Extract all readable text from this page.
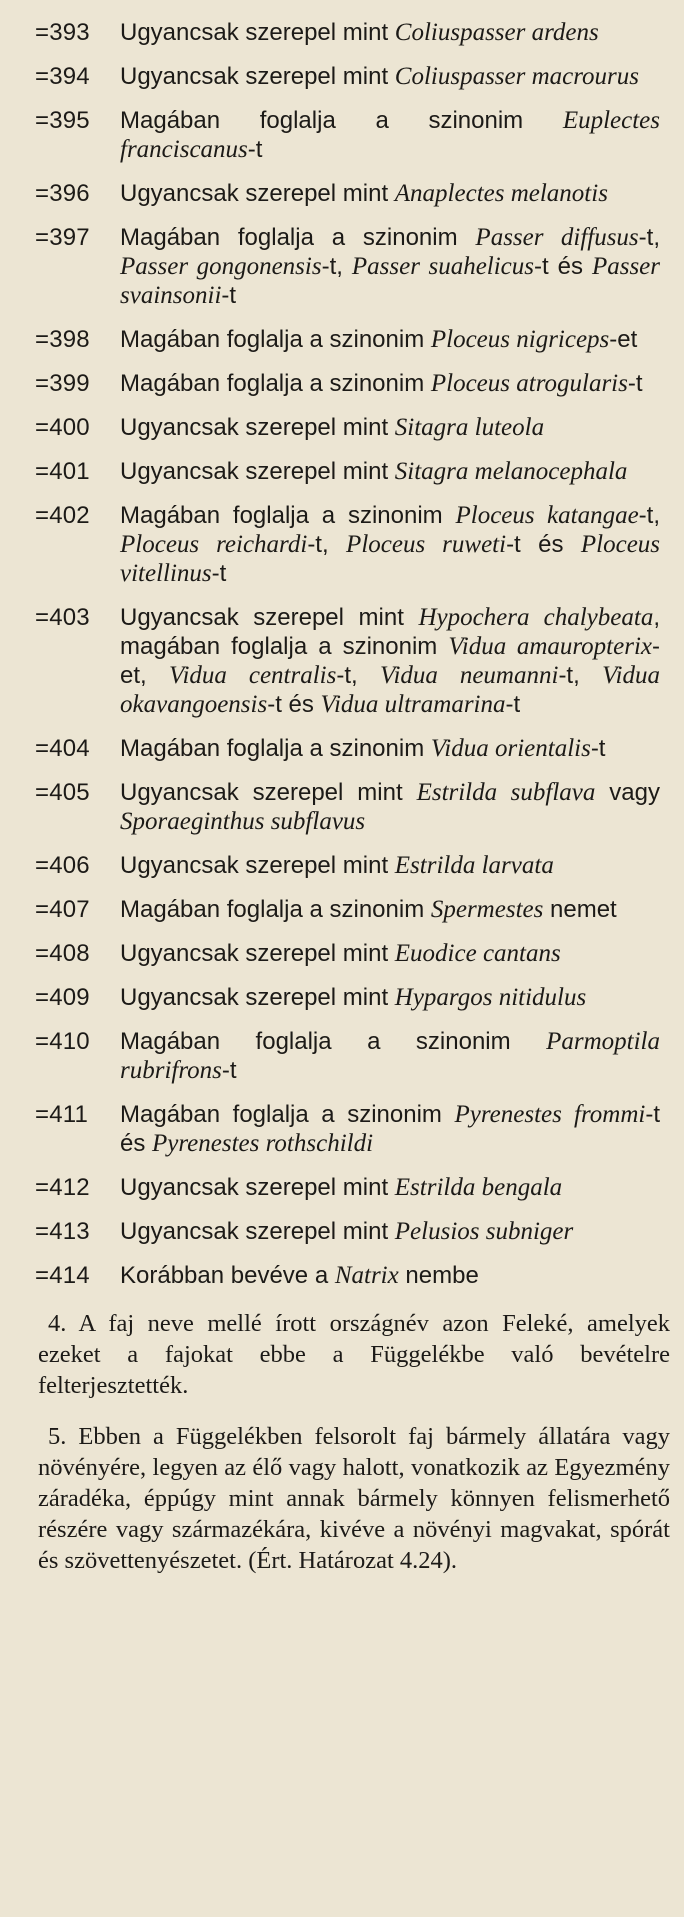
=393	Ugyancsak szerepel mint Coliuspasser ardens
=394	Ugyancsak szerepel mint Coliuspasser macrourus
=395	Magában foglalja a szinonim Euplectes franciscanus-t
=396	Ugyancsak szerepel mint Anaplectes melanotis
=397	Magában foglalja a szinonim Passer diffusus-t, Passer gongonensis-t, Passer suahelicus-t és Passer svainsonii-t
=398	Magában foglalja a szinonim Ploceus nigriceps-et
=399	Magában foglalja a szinonim Ploceus atrogularis-t
=400	Ugyancsak szerepel mint Sitagra luteola
=401	Ugyancsak szerepel mint Sitagra melanocephala
=402	Magában foglalja a szinonim Ploceus katangae-t, Ploceus reichardi-t, Ploceus ruweti-t és Ploceus vitellinus-t
=403	Ugyancsak szerepel mint Hypochera chalybeata, magában foglalja a szinonim Vidua amauropterix-et, Vidua centralis-t, Vidua neumanni-t, Vidua okavangoensis-t és Vidua ultramarina-t
=404	Magában foglalja a szinonim Vidua orientalis-t
=405	Ugyancsak szerepel mint Estrilda subflava vagy Sporaeginthus subflavus
=406	Ugyancsak szerepel mint Estrilda larvata
=407	Magában foglalja a szinonim Spermestes nemet
=408	Ugyancsak szerepel mint Euodice cantans
=409	Ugyancsak szerepel mint Hypargos nitidulus
=410	Magában foglalja a szinonim Parmoptila rubrifrons-t
=411	Magában foglalja a szinonim Pyrenestes frommi-t és Pyrenestes rothschildi
=412	Ugyancsak szerepel mint Estrilda bengala
=413	Ugyancsak szerepel mint Pelusios subniger
=414	Korábban bevéve a Natrix nembe

4. A faj neve mellé írott országnév azon Feleké, amelyek ezeket a fajokat ebbe a Függelékbe való bevételre felterjesztették.

5. Ebben a Függelékben felsorolt faj bármely állatára vagy növényére, legyen az élő vagy halott, vonatkozik az Egyezmény záradéka, éppúgy mint annak bármely könnyen felismerhető részére vagy származékára, kivéve a növényi magvakat, spórát és szövettenyészetet. (Ért. Határozat 4.24).
